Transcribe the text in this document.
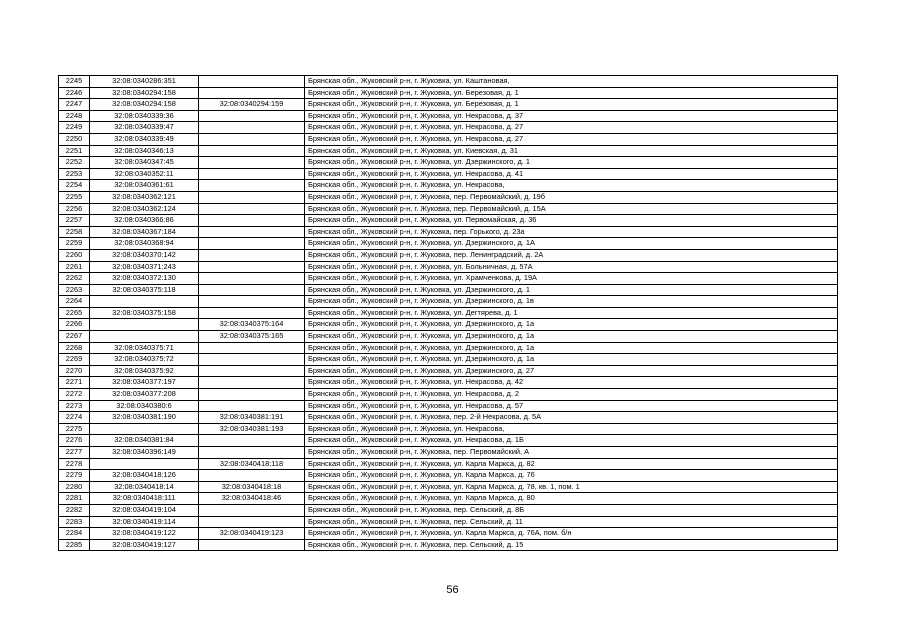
2245	32:08:0340286:351		Брянская обл., Жуковский р-н, г. Жуковка, ул. Каштановая,
2246	32:08:0340294:158		Брянская обл., Жуковский р-н, г. Жуковка, ул. Березовая, д. 1
2247	32:08:0340294:158	32:08:0340294:159	Брянская обл., Жуковский р-н, г. Жуковка, ул. Березовая, д. 1
2248	32:08:0340339:36		Брянская обл., Жуковский р-н, г. Жуковка, ул. Некрасова, д. 37
2249	32:08:0340339:47		Брянская обл., Жуковский р-н, г. Жуковка, ул. Некрасова, д. 27
2250	32:08:0340339:49		Брянская обл., Жуковский р-н, г. Жуковка, ул. Некрасова, д. 27
2251	32:08:0340346:13		Брянская обл., Жуковский р-н, г. Жуковка, ул. Киевская, д. 31
2252	32:08:0340347:45		Брянская обл., Жуковский р-н, г. Жуковка, ул. Дзержинского, д. 1
2253	32:08:0340352:11		Брянская обл., Жуковский р-н, г. Жуковка, ул. Некрасова, д. 41
2254	32:08:0340361:61		Брянская обл., Жуковский р-н, г. Жуковка, ул. Некрасова,
2255	32:08:0340362:121		Брянская обл., Жуковский р-н, г. Жуковка, пер. Первомайский, д. 19б
2256	32:08:0340362:124		Брянская обл., Жуковский р-н, г. Жуковка, пер. Первомайский, д. 15А
2257	32:08:0340366:86		Брянская обл., Жуковский р-н, г. Жуковка, ул. Первомайская, д. 36
2258	32:08:0340367:184		Брянская обл., Жуковский р-н, г. Жуковка, пер. Горького, д. 23а
2259	32:08:0340368:94		Брянская обл., Жуковский р-н, г. Жуковка, ул. Дзержинского, д. 1А
2260	32:08:0340370:142		Брянская обл., Жуковский р-н, г. Жуковка, пер. Ленинградский, д. 2А
2261	32:08:0340371:243		Брянская обл., Жуковский р-н, г. Жуковка, ул. Больничная, д. 57А
2262	32:08:0340372:130		Брянская обл., Жуковский р-н, г. Жуковка, ул. Храмченкова, д. 19А
2263	32:08:0340375:118		Брянская обл., Жуковский р-н, г. Жуковка, ул. Дзержинского, д. 1
2264			Брянская обл., Жуковский р-н, г. Жуковка, ул. Дзержинского, д. 1в
2265	32:08:0340375:158		Брянская обл., Жуковский р-н, г. Жуковка, ул. Дегтярева, д. 1
2266		32:08:0340375:164	Брянская обл., Жуковский р-н, г. Жуковка, ул. Дзержинского, д. 1а
2267		32:08:0340375:165	Брянская обл., Жуковский р-н, г. Жуковка, ул. Дзержинского, д. 1а
2268	32:08:0340375:71		Брянская обл., Жуковский р-н, г. Жуковка, ул. Дзержинского, д. 1а
2269	32:08:0340375:72		Брянская обл., Жуковский р-н, г. Жуковка, ул. Дзержинского, д. 1а
2270	32:08:0340375:92		Брянская обл., Жуковский р-н, г. Жуковка, ул. Дзержинского, д. 27
2271	32:08:0340377:197		Брянская обл., Жуковский р-н, г. Жуковка, ул. Некрасова, д. 42
2272	32:08:0340377:208		Брянская обл., Жуковский р-н, г. Жуковка, ул. Некрасова, д. 2
2273	32:08:0340380:6		Брянская обл., Жуковский р-н, г. Жуковка, ул. Некрасова, д. 57
2274	32:08:0340381:190	32:08:0340381:191	Брянская обл., Жуковский р-н, г. Жуковка, пер. 2-й Некрасова, д. 5А
2275		32:08:0340381:193	Брянская обл., Жуковский р-н, г. Жуковка, ул. Некрасова,
2276	32:08:0340381:84		Брянская обл., Жуковский р-н, г. Жуковка, ул. Некрасова, д. 1Б
2277	32:08:0340396:149		Брянская обл., Жуковский р-н, г. Жуковка, пер. Первомайский, А
2278		32:08:0340418:118	Брянская обл., Жуковский р-н, г. Жуковка, ул. Карла Маркса, д. 82
2279	32:08:0340418:126		Брянская обл., Жуковский р-н, г. Жуковка, ул. Карла Маркса, д. 76
2280	32:08:0340418:14	32:08:0340418:18	Брянская обл., Жуковский р-н, г. Жуковка, ул. Карла Маркса, д. 78, кв. 1, пом. 1
2281	32:08:0340418:111	32:08:0340418:46	Брянская обл., Жуковский р-н, г. Жуковка, ул. Карла Маркса, д. 80
2282	32:08:0340419:104		Брянская обл., Жуковский р-н, г. Жуковка, пер. Сельский, д. 8Б
2283	32:08:0340419:114		Брянская обл., Жуковский р-н, г. Жуковка, пер. Сельский, д. 11
2284	32:08:0340419:122	32:08:0340419:123	Брянская обл., Жуковский р-н, г. Жуковка, ул. Карла Маркса, д. 76А, пом. б/н
2285	32:08:0340419:127		Брянская обл., Жуковский р-н, г. Жуковка, пер. Сельский, д. 15
56
